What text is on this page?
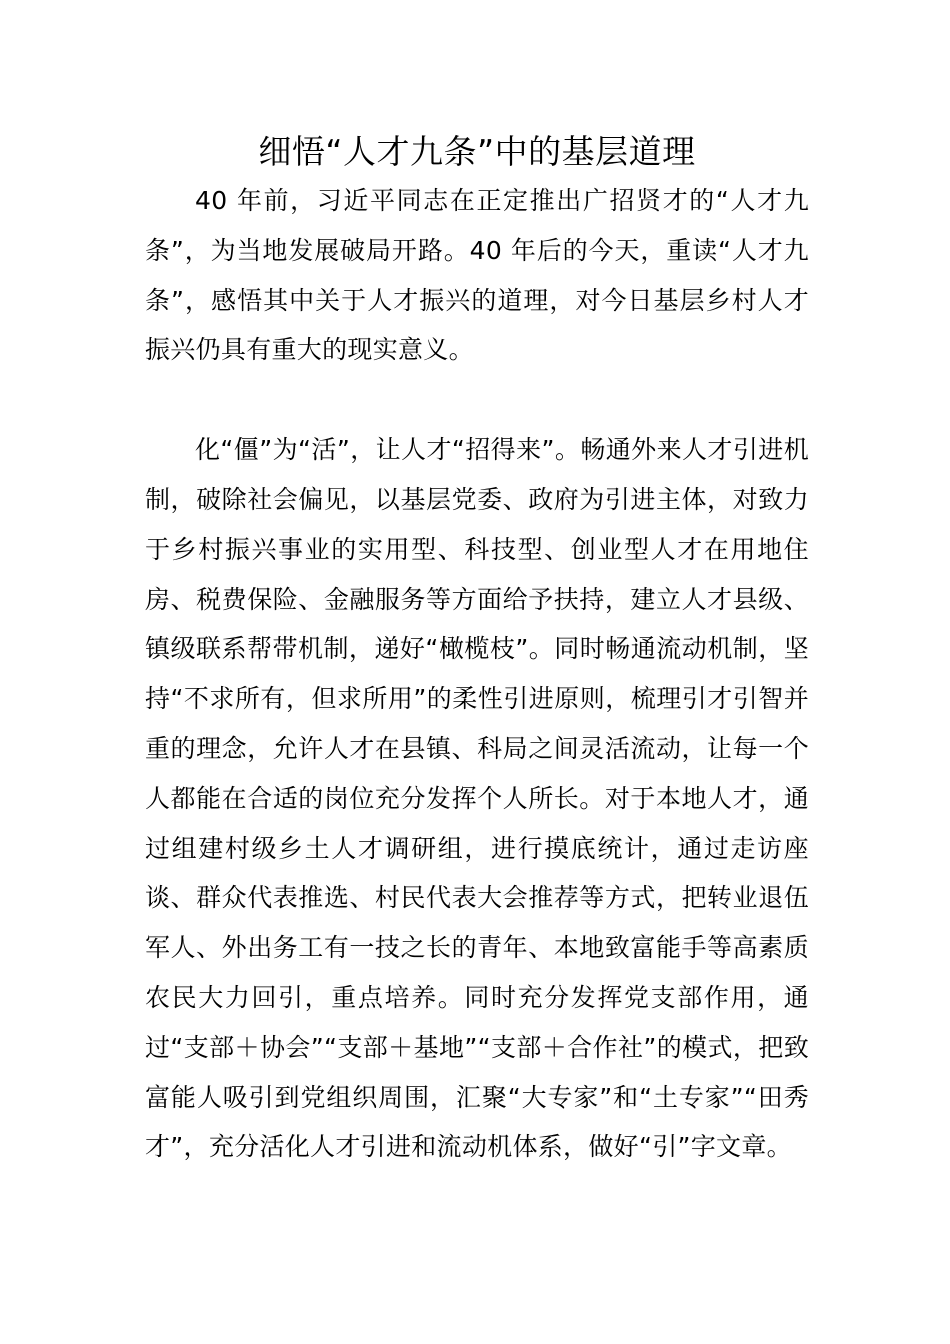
细悟“人才九条”中的基层道理

40 年前，习近平同志在正定推出广招贤才的“人才九条”，为当地发展破局开路。40 年后的今天，重读“人才九条”，感悟其中关于人才振兴的道理，对今日基层乡村人才振兴仍具有重大的现实意义。

化“僵”为“活”，让人才“招得来”。畅通外来人才引进机制，破除社会偏见，以基层党委、政府为引进主体，对致力于乡村振兴事业的实用型、科技型、创业型人才在用地住房、税费保险、金融服务等方面给予扶持，建立人才县级、镇级联系帮带机制，递好“橄榄枝”。同时畅通流动机制，坚持“不求所有，但求所用”的柔性引进原则，梳理引才引智并重的理念，允许人才在县镇、科局之间灵活流动，让每一个人都能在合适的岗位充分发挥个人所长。对于本地人才，通过组建村级乡土人才调研组，进行摸底统计，通过走访座谈、群众代表推选、村民代表大会推荐等方式，把转业退伍军人、外出务工有一技之长的青年、本地致富能手等高素质农民大力回引，重点培养。同时充分发挥党支部作用，通过“支部＋协会”“支部＋基地”“支部＋合作社”的模式，把致富能人吸引到党组织周围，汇聚“大专家”和“土专家”“田秀才”，充分活化人才引进和流动机体系，做好“引”字文章。
